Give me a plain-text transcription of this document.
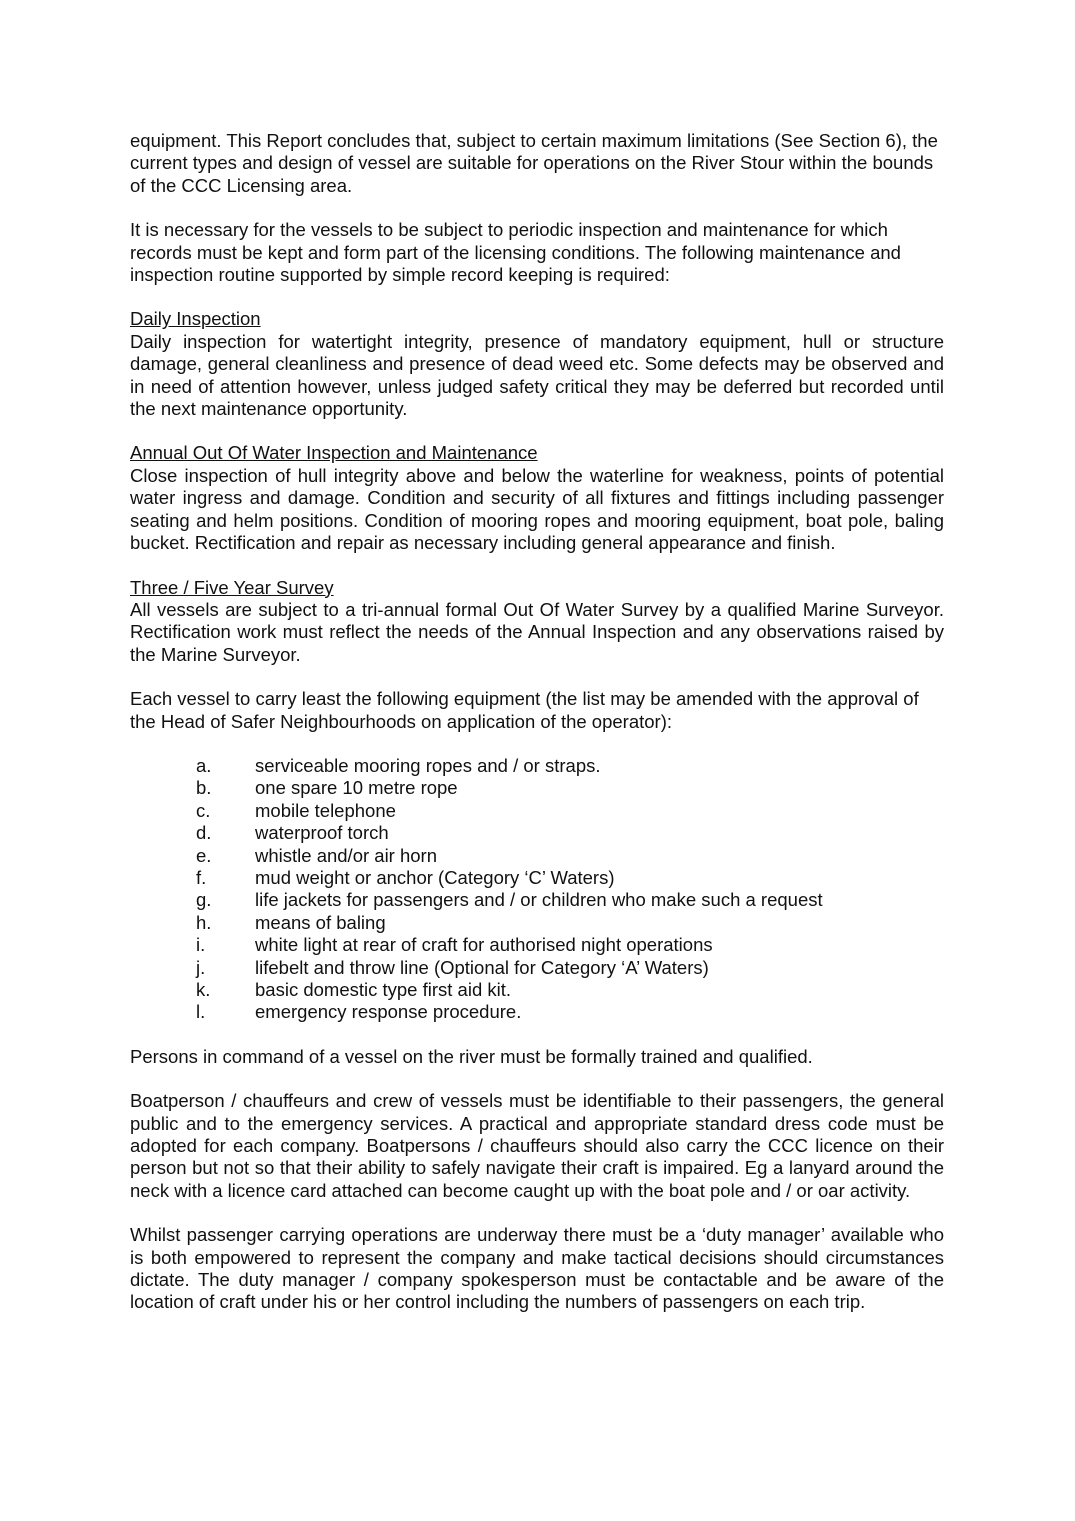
equipment. This Report concludes that, subject to certain maximum limitations (See Section 6), the current types and design of vessel are suitable for operations on the River Stour within the bounds of the CCC Licensing area.

It is necessary for the vessels to be subject to periodic inspection and maintenance for which records must be kept and form part of the licensing conditions. The following maintenance and inspection routine supported by simple record keeping is required:

Daily Inspection

Daily inspection for watertight integrity, presence of mandatory equipment, hull or structure damage, general cleanliness and presence of dead weed etc. Some defects may be observed and in need of attention however, unless judged safety critical they may be deferred but recorded until the next maintenance opportunity.

Annual Out Of Water Inspection and Maintenance

Close inspection of hull integrity above and below the waterline for weakness, points of potential water ingress and damage. Condition and security of all fixtures and fittings including passenger seating and helm positions. Condition of mooring ropes and mooring equipment, boat pole, baling bucket. Rectification and repair as necessary including general appearance and finish.

Three / Five Year Survey

All vessels are subject to a tri-annual formal Out Of Water Survey by a qualified Marine Surveyor. Rectification work must reflect the needs of the Annual Inspection and any observations raised by the Marine Surveyor.

Each vessel to carry least the following equipment (the list may be amended with the approval of the Head of Safer Neighbourhoods on application of the operator):

a.	serviceable mooring ropes and / or straps.
b.	one spare 10 metre rope
c.	mobile telephone
d.	waterproof torch
e.	whistle and/or air horn
f.	mud weight or anchor (Category ‘C’ Waters)
g.	life jackets for passengers and / or children who make such a request
h.	means of baling
i.	white light at rear of craft for authorised night operations
j.	lifebelt and throw line (Optional for Category ‘A’ Waters)
k.	basic domestic type first aid kit.
l.	emergency response procedure.

Persons in command of a vessel on the river must be formally trained and qualified.

Boatperson / chauffeurs and crew of vessels must be identifiable to their passengers, the general public and to the emergency services. A practical and appropriate standard dress code must be adopted for each company. Boatpersons / chauffeurs should also carry the CCC licence on their person but not so that their ability to safely navigate their craft is impaired. Eg a lanyard around the neck with a licence card attached can become caught up with the boat pole and / or oar activity.

Whilst passenger carrying operations are underway there must be a ‘duty manager’ available who is both empowered to represent the company and make tactical decisions should circumstances dictate. The duty manager / company spokesperson must be contactable and be aware of the location of craft under his or her control including the numbers of passengers on each trip.
